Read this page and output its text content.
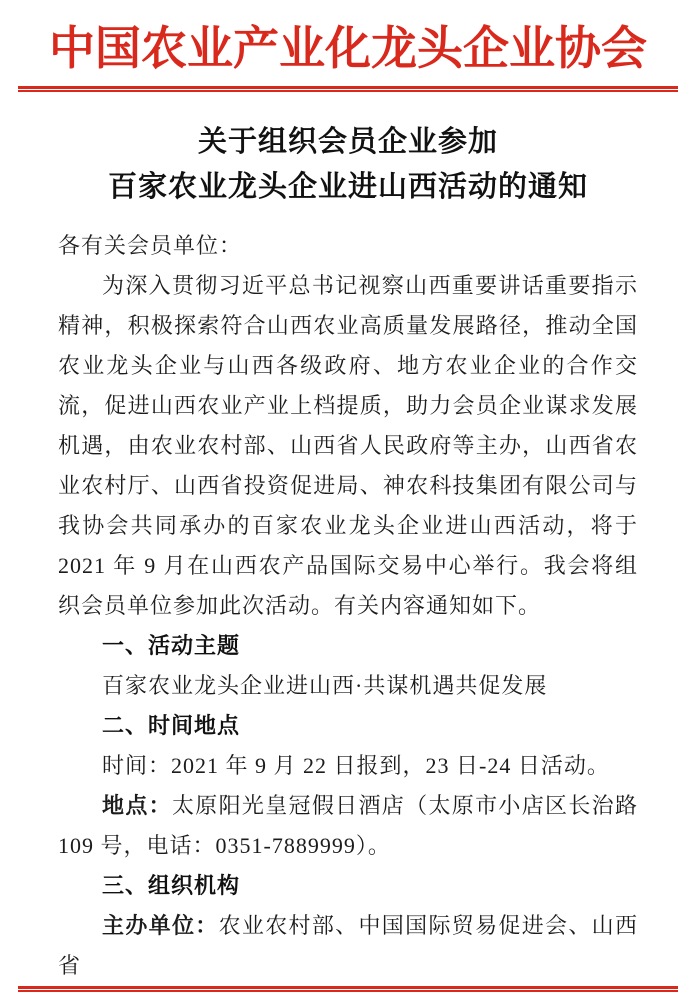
中国农业产业化龙头企业协会
关于组织会员企业参加
百家农业龙头企业进山西活动的通知

各有关会员单位：

为深入贯彻习近平总书记视察山西重要讲话重要指示精神，积极探索符合山西农业高质量发展路径，推动全国农业龙头企业与山西各级政府、地方农业企业的合作交流，促进山西农业产业上档提质，助力会员企业谋求发展机遇，由农业农村部、山西省人民政府等主办，山西省农业农村厅、山西省投资促进局、神农科技集团有限公司与我协会共同承办的百家农业龙头企业进山西活动，将于 2021 年 9 月在山西农产品国际交易中心举行。我会将组织会员单位参加此次活动。有关内容通知如下。

一、活动主题

百家农业龙头企业进山西·共谋机遇共促发展

二、时间地点

时间：2021 年 9 月 22 日报到，23 日-24 日活动。

地点：太原阳光皇冠假日酒店（太原市小店区长治路 109 号，电话：0351-7889999）。

三、组织机构

主办单位：农业农村部、中国国际贸易促进会、山西省
